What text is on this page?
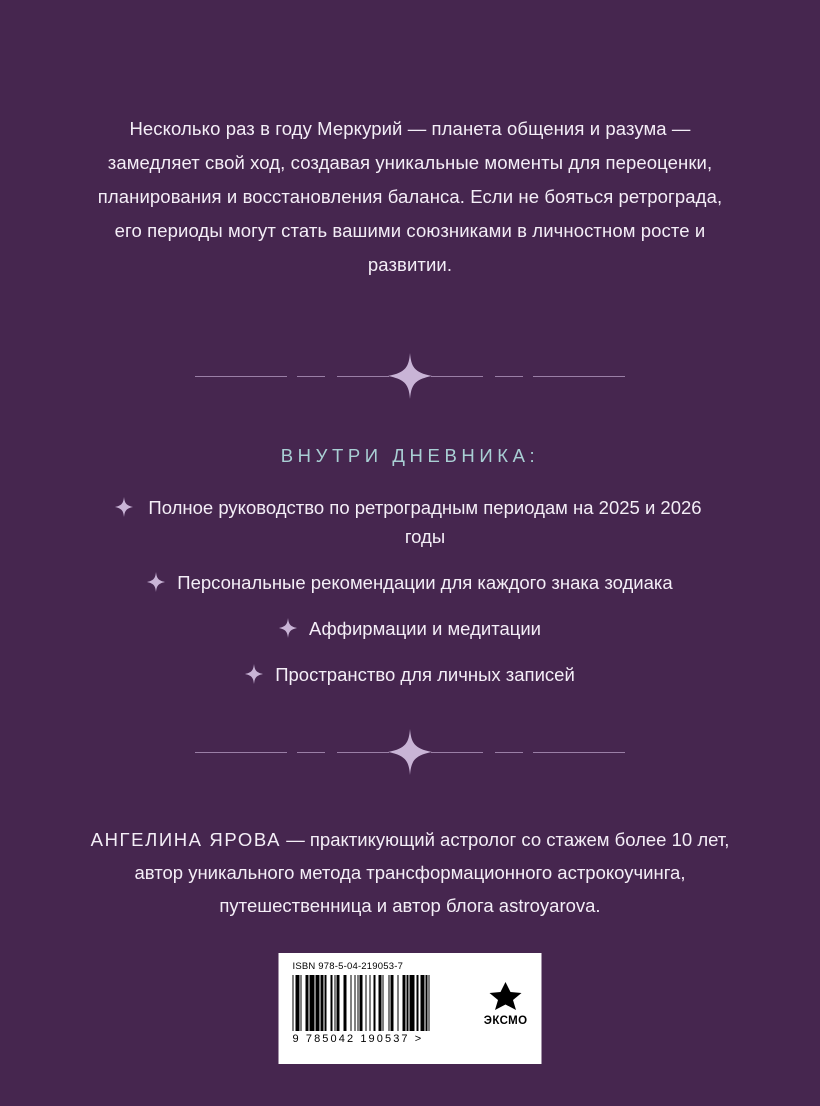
Несколько раз в году Меркурий — планета общения и разума — замедляет свой ход, создавая уникальные моменты для переоценки, планирования и восстановления баланса. Если не бояться ретрограда, его периоды могут стать вашими союзниками в личностном росте и развитии.

ВНУТРИ ДНЕВНИКА:
Полное руководство по ретроградным периодам на 2025 и 2026 годы
Персональные рекомендации для каждого знака зодиака
Аффирмации и медитации
Пространство для личных записей

АНГЕЛИНА ЯРОВА — практикующий астролог со стажем более 10 лет, автор уникального метода трансформационного астрокоучинга, путешественница и автор блога astroyarova.

ISBN 978-5-04-219053-7
9 785042 190537 >
ЭКСМО
